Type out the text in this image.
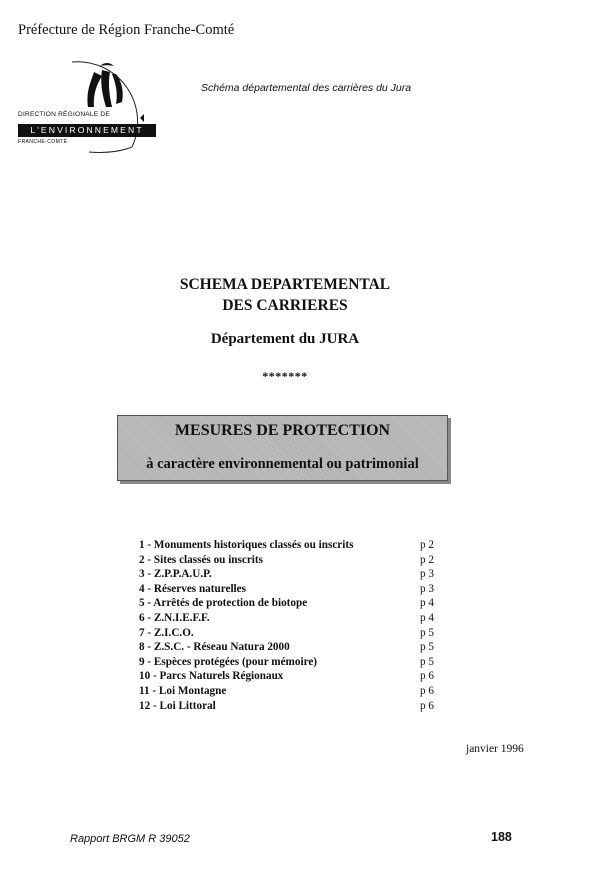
Préfecture de Région Franche-Comté
DIRECTION RÉGIONALE DE
L'ENVIRONNEMENT
FRANCHE-COMTÉ
Schéma départemental des carrières du Jura
SCHEMA DEPARTEMENTAL
DES CARRIERES
Département du JURA
*******
MESURES DE PROTECTION
à caractère environnemental ou patrimonial
1 - Monuments historiques classés ou inscrits	p 2
2 - Sites classés ou inscrits	p 2
3 - Z.P.P.A.U.P.	p 3
4 - Réserves naturelles	p 3
5 - Arrêtés de protection de biotope	p 4
6 - Z.N.I.E.F.F.	p 4
7 - Z.I.C.O.	p 5
8 - Z.S.C. - Réseau Natura 2000	p 5
9 - Espèces protégées (pour mémoire)	p 5
10 - Parcs Naturels Régionaux	p 6
11 - Loi Montagne	p 6
12 - Loi Littoral	p 6
janvier 1996
Rapport BRGM R 39052	188
